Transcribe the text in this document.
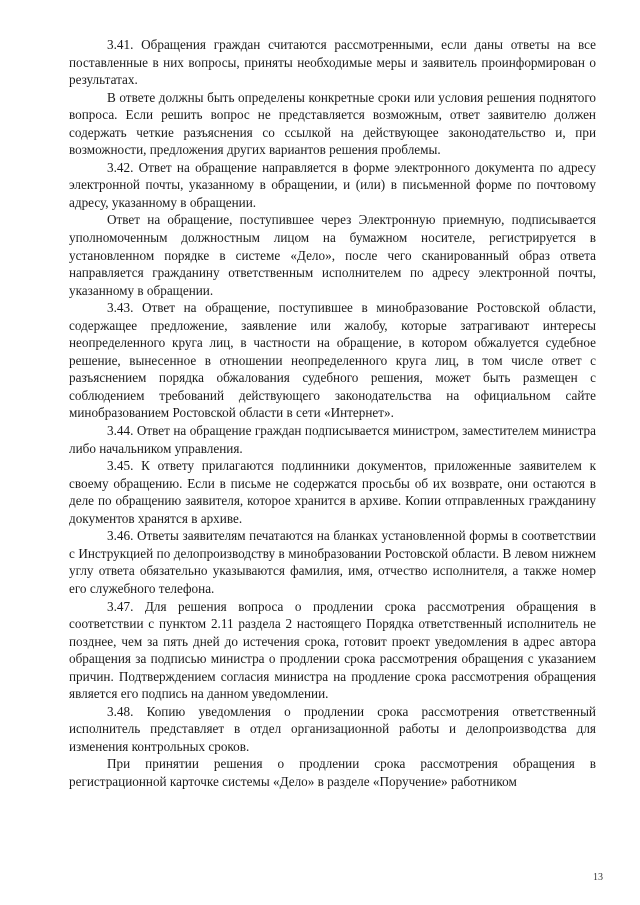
3.41. Обращения граждан считаются рассмотренными, если даны ответы на все поставленные в них вопросы, приняты необходимые меры и заявитель проинформирован о результатах.

В ответе должны быть определены конкретные сроки или условия решения поднятого вопроса. Если решить вопрос не представляется возможным, ответ заявителю должен содержать четкие разъяснения со ссылкой на действующее законодательство и, при возможности, предложения других вариантов решения проблемы.

3.42. Ответ на обращение направляется в форме электронного документа по адресу электронной почты, указанному в обращении, и (или) в письменной форме по почтовому адресу, указанному в обращении.

Ответ на обращение, поступившее через Электронную приемную, подписывается уполномоченным должностным лицом на бумажном носителе, регистрируется в установленном порядке в системе «Дело», после чего сканированный образ ответа направляется гражданину ответственным исполнителем по адресу электронной почты, указанному в обращении.

3.43. Ответ на обращение, поступившее в минобразование Ростовской области, содержащее предложение, заявление или жалобу, которые затрагивают интересы неопределенного круга лиц, в частности на обращение, в котором обжалуется судебное решение, вынесенное в отношении неопределенного круга лиц, в том числе ответ с разъяснением порядка обжалования судебного решения, может быть размещен с соблюдением требований действующего законодательства на официальном сайте минобразованием Ростовской области в сети «Интернет».

3.44. Ответ на обращение граждан подписывается министром, заместителем министра либо начальником управления.

3.45. К ответу прилагаются подлинники документов, приложенные заявителем к своему обращению. Если в письме не содержатся просьбы об их возврате, они остаются в деле по обращению заявителя, которое хранится в архиве. Копии отправленных гражданину документов хранятся в архиве.

3.46. Ответы заявителям печатаются на бланках установленной формы в соответствии с Инструкцией по делопроизводству в минобразовании Ростовской области. В левом нижнем углу ответа обязательно указываются фамилия, имя, отчество исполнителя, а также номер его служебного телефона.

3.47. Для решения вопроса о продлении срока рассмотрения обращения в соответствии с пунктом 2.11 раздела 2 настоящего Порядка ответственный исполнитель не позднее, чем за пять дней до истечения срока, готовит проект уведомления в адрес автора обращения за подписью министра о продлении срока рассмотрения обращения с указанием причин. Подтверждением согласия министра на продление срока рассмотрения обращения является его подпись на данном уведомлении.

3.48. Копию уведомления о продлении срока рассмотрения ответственный исполнитель представляет в отдел организационной работы и делопроизводства для изменения контрольных сроков.

При принятии решения о продлении срока рассмотрения обращения в регистрационной карточке системы «Дело» в разделе «Поручение» работником

13
